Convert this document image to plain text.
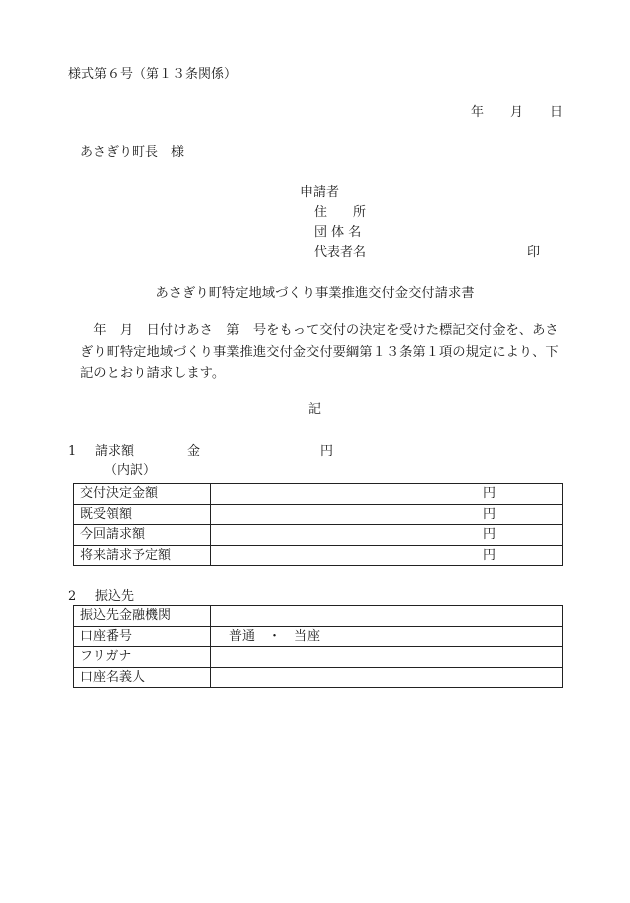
様式第６号（第１３条関係）
年 月 日
あさぎり町長　様
申請者
住　　所
団 体 名
代表者名	印
あさぎり町特定地域づくり事業推進交付金交付請求書
　年　月　日付けあさ　第　号をもって交付の決定を受けた標記交付金を、あさ
ぎり町特定地域づくり事業推進交付金交付要綱第１３条第１項の規定により、下
記のとおり請求します。
記
1 請求額	金	円
（内訳）
交付決定金額	円
既受領額	円
今回請求額	円
将来請求予定額	円
2 振込先
振込先金融機関	
口座番号	普通　・　当座
フリガナ	
口座名義人	
